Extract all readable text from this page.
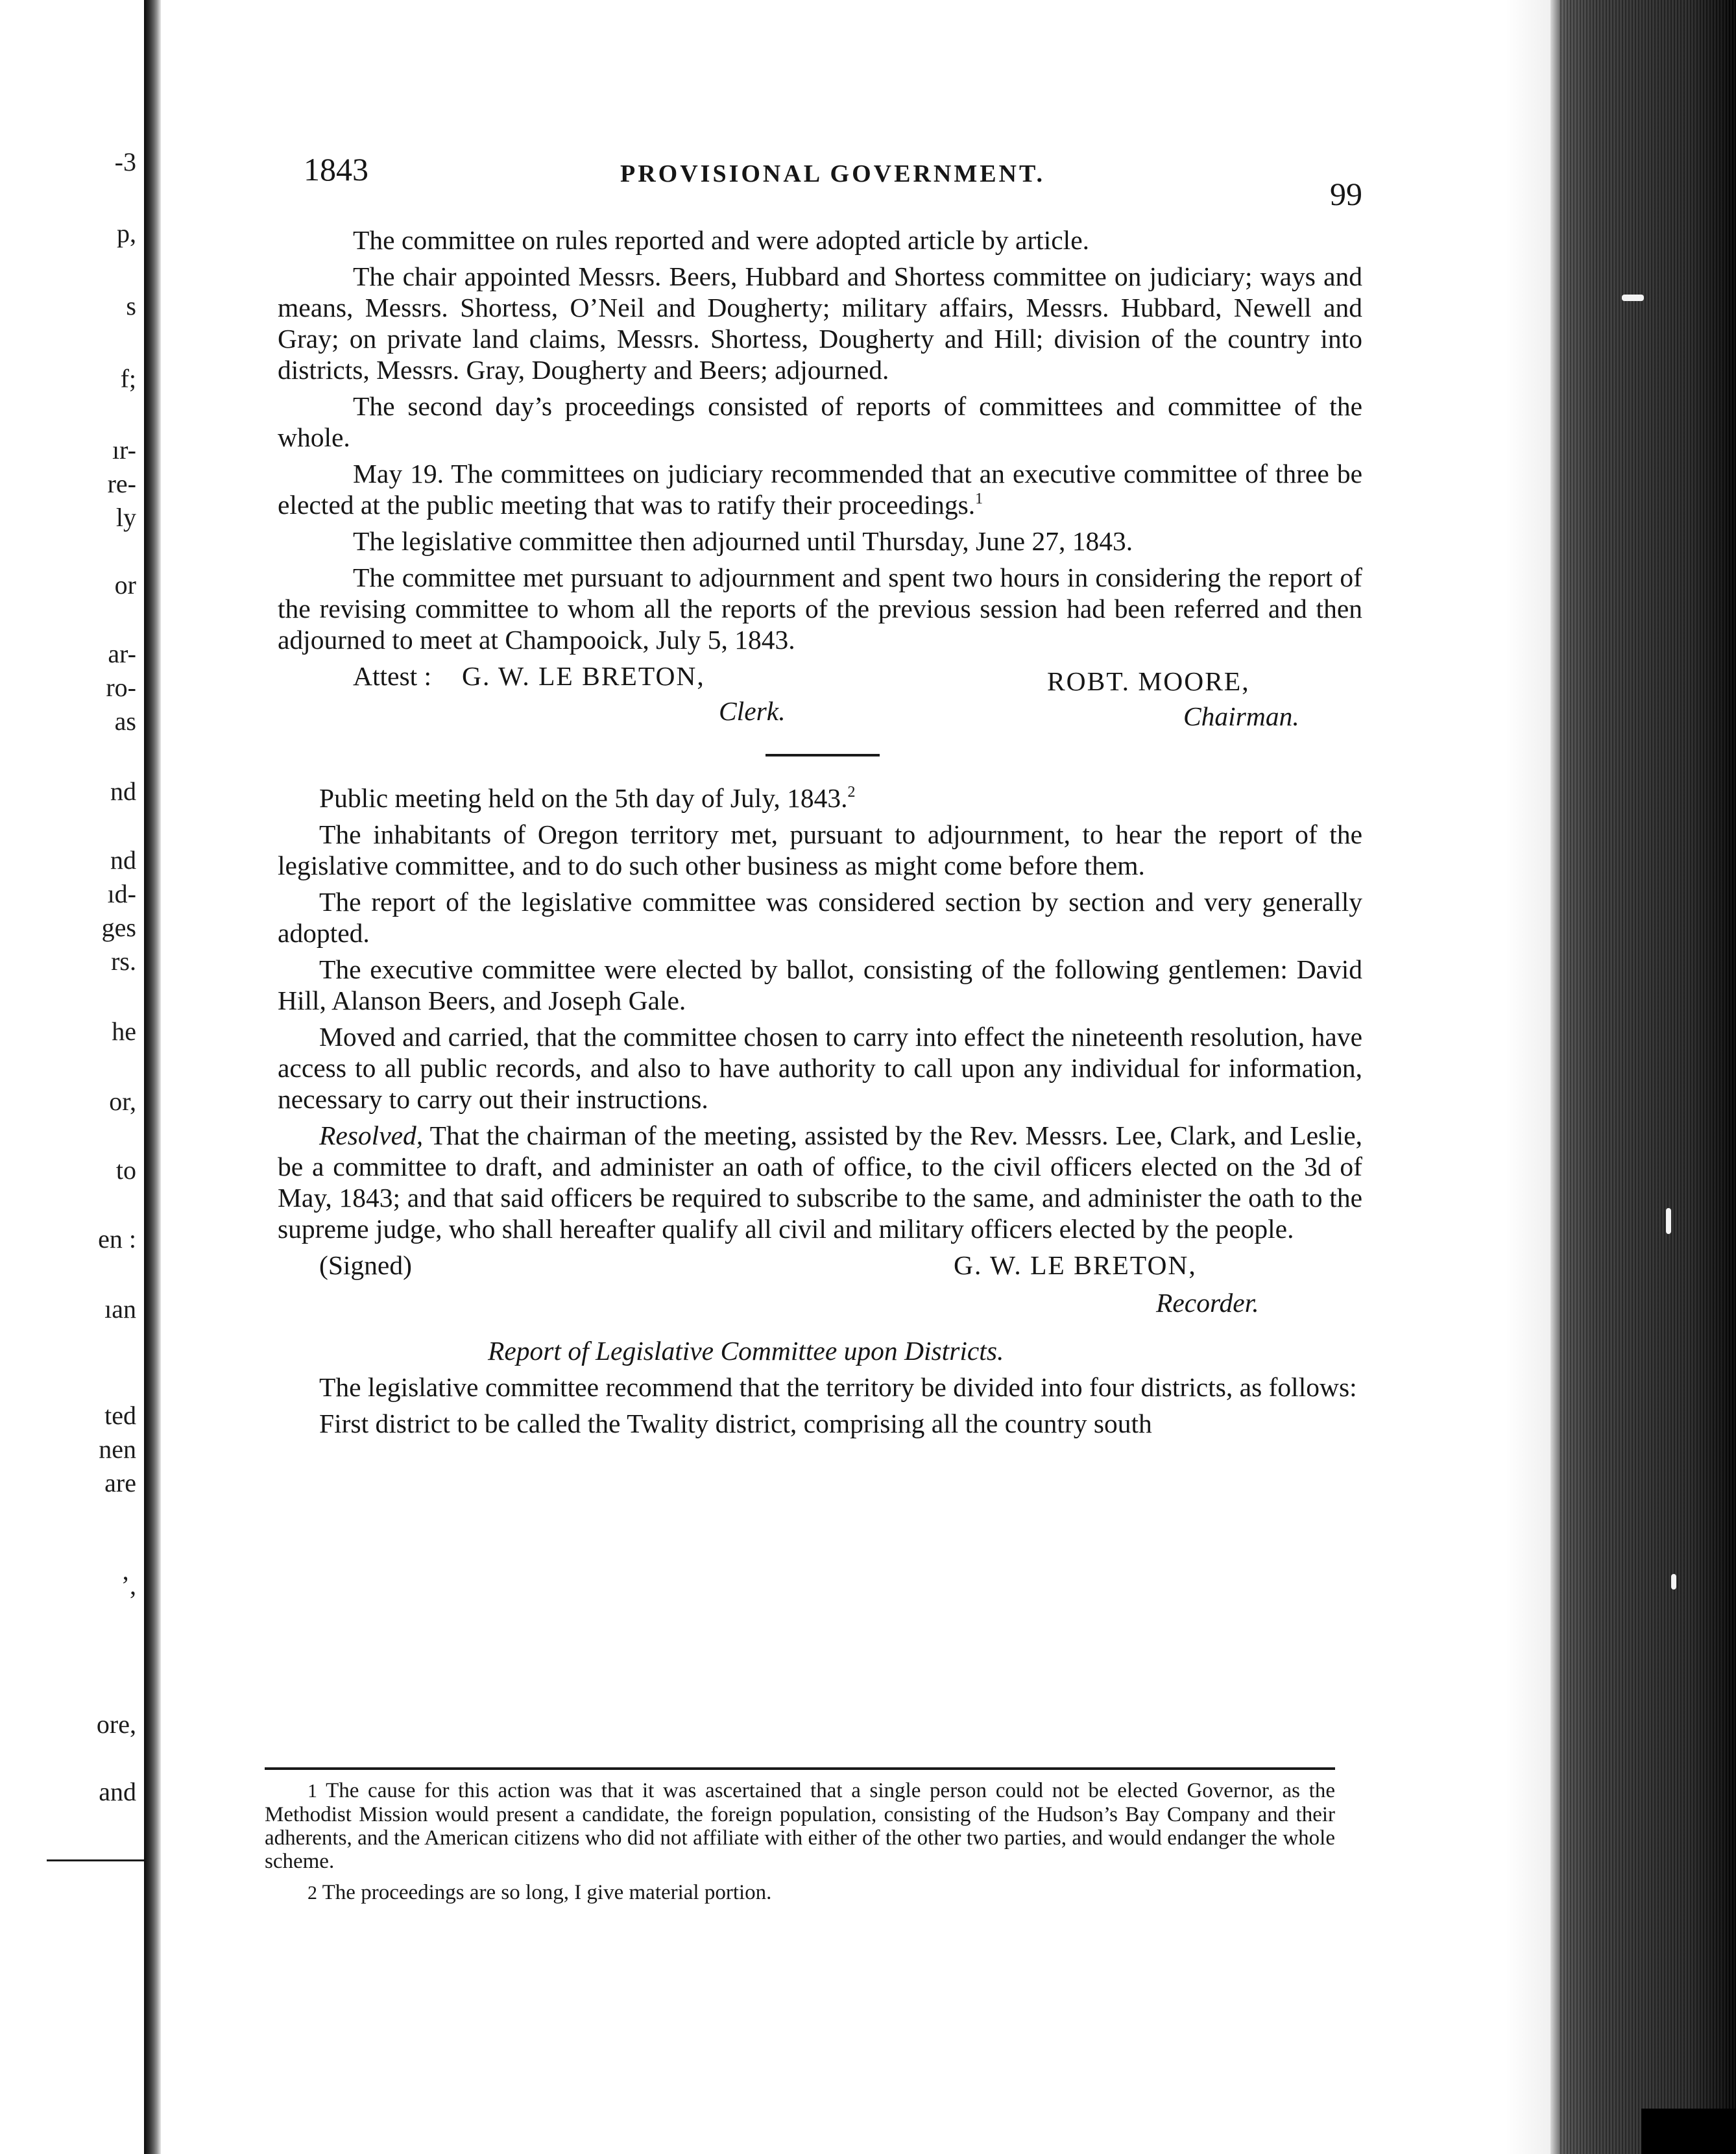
-3
p,
s
f;
ır-
re-
ly
or
ar-
ro-
as
nd
nd
ıd-
ges
rs.
he
or,
to
en :
ıan
ted
nen
are
’,
ore,
and
1843	PROVISIONAL GOVERNMENT.
99

The committee on rules reported and were adopted article by article.

The chair appointed Messrs. Beers, Hubbard and Shortess committee on judiciary; ways and means, Messrs. Shortess, O’Neil and Dougherty; military affairs, Messrs. Hubbard, Newell and Gray; on private land claims, Messrs. Shortess, Dougherty and Hill; division of the country into districts, Messrs. Gray, Dougherty and Beers; adjourned.

The second day’s proceedings consisted of reports of committees and committee of the whole.

May 19. The committees on judiciary recommended that an executive committee of three be elected at the public meeting that was to ratify their proceedings.$^1$

The legislative committee then adjourned until Thursday, June 27, 1843.

The committee met pursuant to adjournment and spent two hours in considering the report of the revising committee to whom all the reports of the previous session had been referred and then adjourned to meet at Champooick, July 5, 1843.

Attest : G. W. LE BRETON,
Clerk.
ROBT. MOORE,
Chairman.

Public meeting held on the 5th day of July, 1843.$^2$

The inhabitants of Oregon territory met, pursuant to adjournment, to hear the report of the legislative committee, and to do such other business as might come before them.

The report of the legislative committee was considered section by section and very generally adopted.

The executive committee were elected by ballot, consisting of the following gentlemen: David Hill, Alanson Beers, and Joseph Gale.

Moved and carried, that the committee chosen to carry into effect the nineteenth resolution, have access to all public records, and also to have authority to call upon any individual for information, necessary to carry out their instructions.

Resolved, That the chairman of the meeting, assisted by the Rev. Messrs. Lee, Clark, and Leslie, be a committee to draft, and administer an oath of office, to the civil officers elected on the 3d of May, 1843; and that said officers be required to subscribe to the same, and administer the oath to the supreme judge, who shall hereafter qualify all civil and military officers elected by the people.

(Signed)	G. W. LE BRETON,
Recorder.
Report of Legislative Committee upon Districts.

The legislative committee recommend that the territory be divided into four districts, as follows:

First district to be called the Twality district, comprising all the country south

1 The cause for this action was that it was ascertained that a single person could not be elected Governor, as the Methodist Mission would present a candidate, the foreign population, consisting of the Hudson’s Bay Company and their adherents, and the American citizens who did not affiliate with either of the other two parties, and would endanger the whole scheme.

2 The proceedings are so long, I give material portion.
